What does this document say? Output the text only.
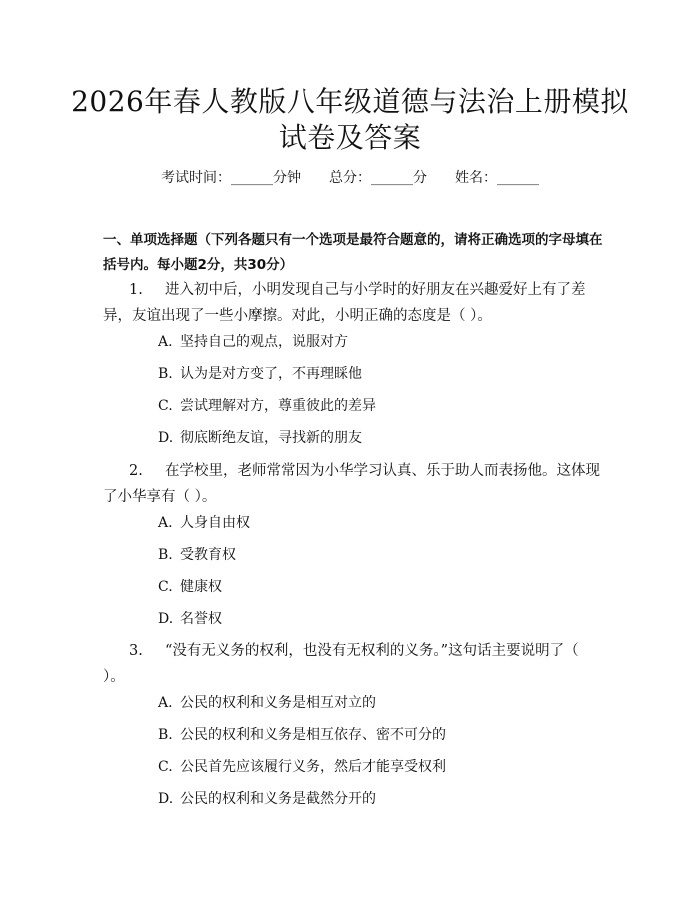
2026年春人教版八年级道德与法治上册模拟
试卷及答案
考试时间：______分钟 总分：______分 姓名：______
一、单项选择题（下列各题只有一个选项是最符合题意的，请将正确选项的字母填在括号内。每小题2分，共30分）
1. 进入初中后，小明发现自己与小学时的好朋友在兴趣爱好上有了差异，友谊出现了一些小摩擦。对此，小明正确的态度是（ ）。
A. 坚持自己的观点，说服对方
B. 认为是对方变了，不再理睬他
C. 尝试理解对方，尊重彼此的差异
D. 彻底断绝友谊，寻找新的朋友
2. 在学校里，老师常常因为小华学习认真、乐于助人而表扬他。这体现了小华享有（ ）。
A. 人身自由权
B. 受教育权
C. 健康权
D. 名誉权
3. “没有无义务的权利，也没有无权利的义务。”这句话主要说明了（ ）。
A. 公民的权利和义务是相互对立的
B. 公民的权利和义务是相互依存、密不可分的
C. 公民首先应该履行义务，然后才能享受权利
D. 公民的权利和义务是截然分开的
